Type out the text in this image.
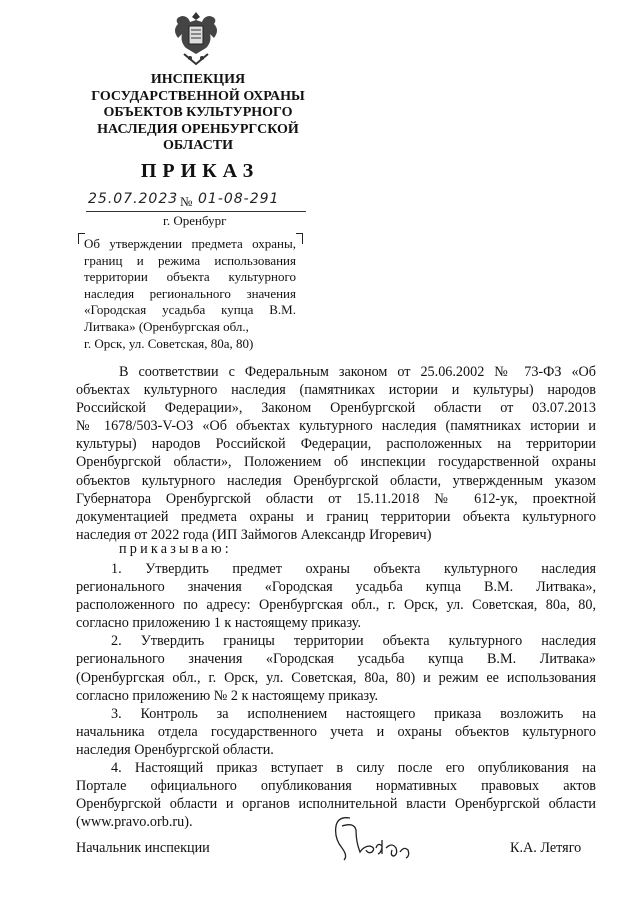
ИНСПЕКЦИЯ
ГОСУДАРСТВЕННОЙ ОХРАНЫ
ОБЪЕКТОВ КУЛЬТУРНОГО
НАСЛЕДИЯ ОРЕНБУРГСКОЙ
ОБЛАСТИ
ПРИКАЗ
25.07.2023 № 01-08-291
г. Оренбург
Об утверждении предмета охраны,
границ и режима использования
территории объекта культурного
наследия регионального значения
«Городская усадьба купца В.М.
Литвака» (Оренбургская обл.,
г. Орск, ул. Советская, 80а, 80)
В соответствии с Федеральным законом от 25.06.2002 № 73-ФЗ «Об
объектах культурного наследия (памятниках истории и культуры) народов
Российской Федерации», Законом Оренбургской области от 03.07.2013
№ 1678/503-V-ОЗ «Об объектах культурного наследия (памятниках истории и
культуры) народов Российской Федерации, расположенных на территории
Оренбургской области», Положением об инспекции государственной охраны
объектов культурного наследия Оренбургской области, утвержденным указом
Губернатора Оренбургской области от 15.11.2018 № 612-ук, проектной
документацией предмета охраны и границ территории объекта культурного
наследия от 2022 года (ИП Займогов Александр Игоревич)
приказываю:
1. Утвердить предмет охраны объекта культурного наследия
регионального значения «Городская усадьба купца В.М. Литвака»,
расположенного по адресу: Оренбургская обл., г. Орск, ул. Советская, 80а, 80,
согласно приложению 1 к настоящему приказу.
2. Утвердить границы территории объекта культурного наследия
регионального значения «Городская усадьба купца В.М. Литвака»
(Оренбургская обл., г. Орск, ул. Советская, 80а, 80) и режим ее использования
согласно приложению № 2 к настоящему приказу.
3. Контроль за исполнением настоящего приказа возложить на
начальника отдела государственного учета и охраны объектов культурного
наследия Оренбургской области.
4. Настоящий приказ вступает в силу после его опубликования на
Портале официального опубликования нормативных правовых актов
Оренбургской области и органов исполнительной власти Оренбургской области
(www.pravo.orb.ru).
Начальник инспекции	К.А. Летяго
